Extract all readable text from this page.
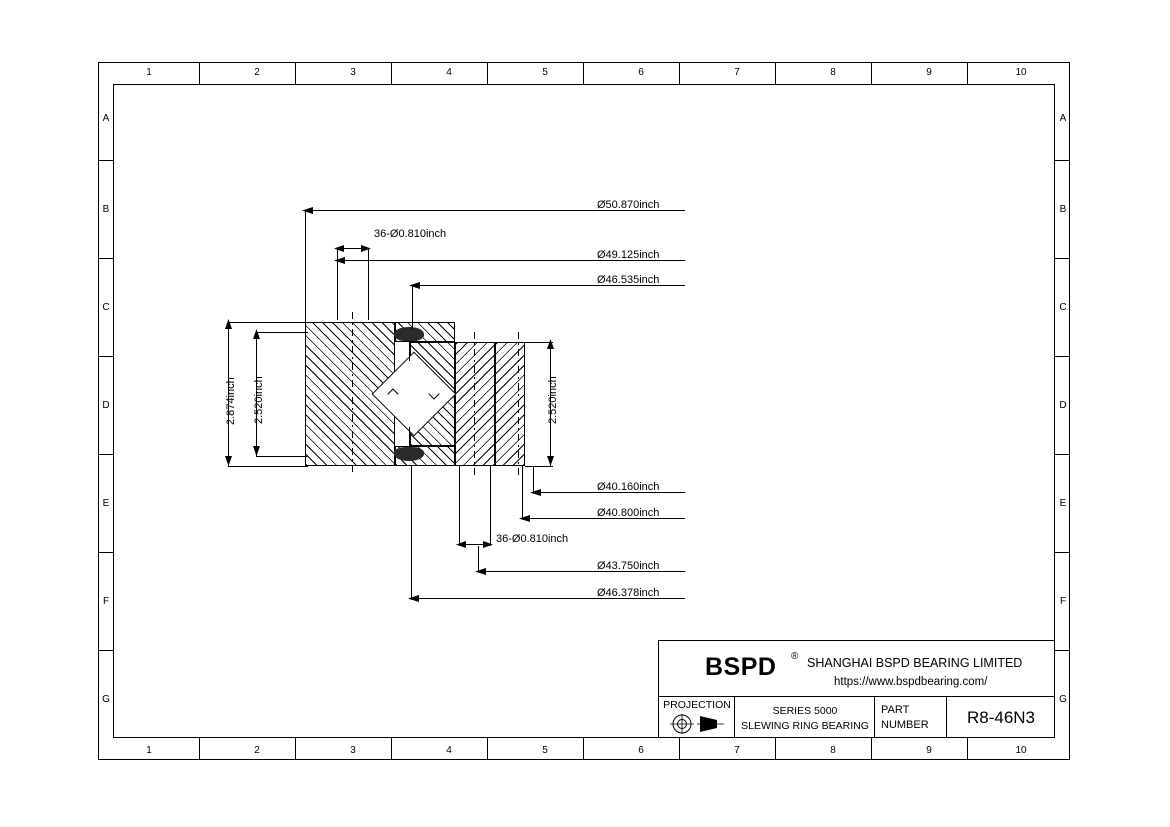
1	2	3	4	5	6	7	8	9	10
1	2	3	4	5	6	7	8	9	10
A
B
C
D
E
F
G
A
B
C
D
E
F
G
Ø50.870inch
36-Ø0.810inch
Ø49.125inch
Ø46.535inch
2.874inch 2.520inch	2.520inch
Ø40.160inch
Ø40.800inch
36-Ø0.810inch
Ø43.750inch
Ø46.378inch
BSPD ® SHANGHAI BSPD BEARING LIMITED
https://www.bspdbearing.com/
PROJECTION	SERIES 5000
SLEWING RING BEARING
PART
NUMBER	R8-46N3
